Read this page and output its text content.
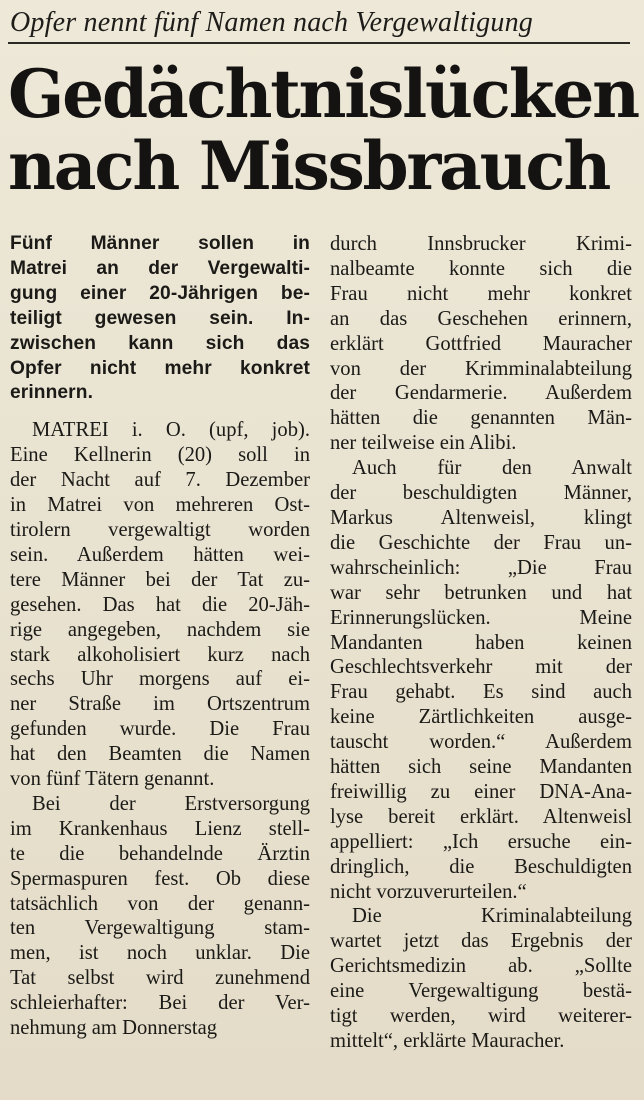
Opfer nennt fünf Namen nach Vergewaltigung
Gedächtnislücken
nach Missbrauch
Fünf Männer sollen in
Matrei an der Vergewalti-
gung einer 20-Jährigen be-
teiligt gewesen sein. In-
zwischen kann sich das
Opfer nicht mehr konkret
erinnern.
MATREI i. O. (upf, job).
Eine Kellnerin (20) soll in
der Nacht auf 7. Dezember
in Matrei von mehreren Ost-
tirolern vergewaltigt worden
sein. Außerdem hätten wei-
tere Männer bei der Tat zu-
gesehen. Das hat die 20-Jäh-
rige angegeben, nachdem sie
stark alkoholisiert kurz nach
sechs Uhr morgens auf ei-
ner Straße im Ortszentrum
gefunden wurde. Die Frau
hat den Beamten die Namen
von fünf Tätern genannt.
Bei der Erstversorgung
im Krankenhaus Lienz stell-
te die behandelnde Ärztin
Spermaspuren fest. Ob diese
tatsächlich von der genann-
ten Vergewaltigung stam-
men, ist noch unklar. Die
Tat selbst wird zunehmend
schleierhafter: Bei der Ver-
nehmung am Donnerstag
durch Innsbrucker Krimi-
nalbeamte konnte sich die
Frau nicht mehr konkret
an das Geschehen erinnern,
erklärt Gottfried Mauracher
von der Krimminalabteilung
der Gendarmerie. Außerdem
hätten die genannten Män-
ner teilweise ein Alibi.
Auch für den Anwalt
der beschuldigten Männer,
Markus Altenweisl, klingt
die Geschichte der Frau un-
wahrscheinlich: „Die Frau
war sehr betrunken und hat
Erinnerungslücken. Meine
Mandanten haben keinen
Geschlechtsverkehr mit der
Frau gehabt. Es sind auch
keine Zärtlichkeiten ausge-
tauscht worden.“ Außerdem
hätten sich seine Mandanten
freiwillig zu einer DNA-Ana-
lyse bereit erklärt. Altenweisl
appelliert: „Ich ersuche ein-
dringlich, die Beschuldigten
nicht vorzuverurteilen.“
Die Kriminalabteilung
wartet jetzt das Ergebnis der
Gerichtsmedizin ab. „Sollte
eine Vergewaltigung bestä-
tigt werden, wird weiterer-
mittelt“, erklärte Mauracher.
